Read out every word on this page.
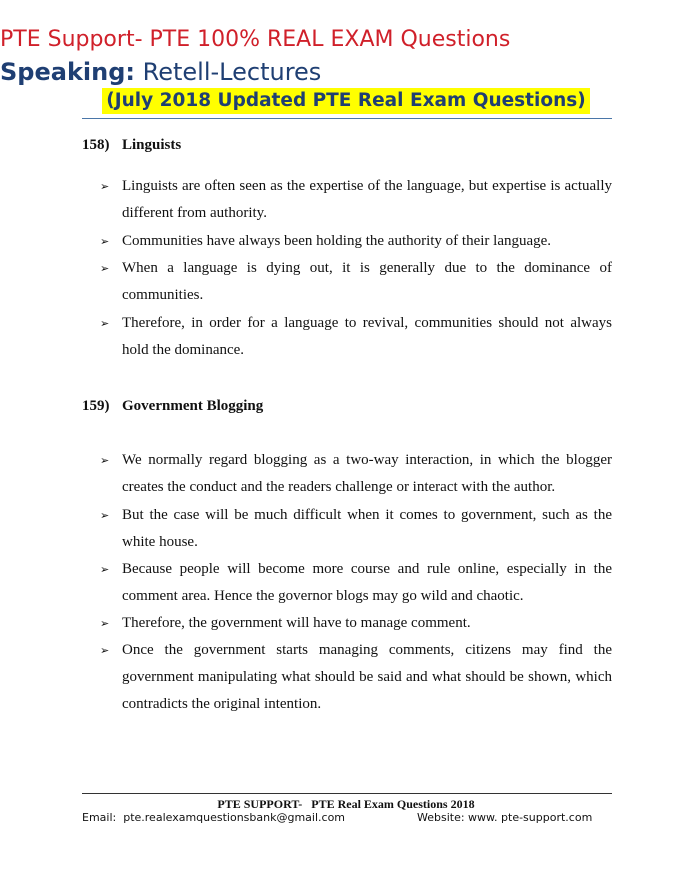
PTE Support- PTE 100% REAL EXAM Questions
Speaking: Retell-Lectures
(July 2018 Updated PTE Real Exam Questions)
158) Linguists
➢ Linguists are often seen as the expertise of the language, but expertise is actually different from authority.
➢ Communities have always been holding the authority of their language.
➢ When a language is dying out, it is generally due to the dominance of communities.
➢ Therefore, in order for a language to revival, communities should not always hold the dominance.
159) Government Blogging
➢ We normally regard blogging as a two-way interaction, in which the blogger creates the conduct and the readers challenge or interact with the author.
➢ But the case will be much difficult when it comes to government, such as the white house.
➢ Because people will become more course and rule online, especially in the comment area. Hence the governor blogs may go wild and chaotic.
➢ Therefore, the government will have to manage comment.
➢ Once the government starts managing comments, citizens may find the government manipulating what should be said and what should be shown, which contradicts the original intention.
PTE SUPPORT-   PTE Real Exam Questions 2018
Email:  pte.realexamquestionsbank@gmail.com	Website: www. pte-support.com
